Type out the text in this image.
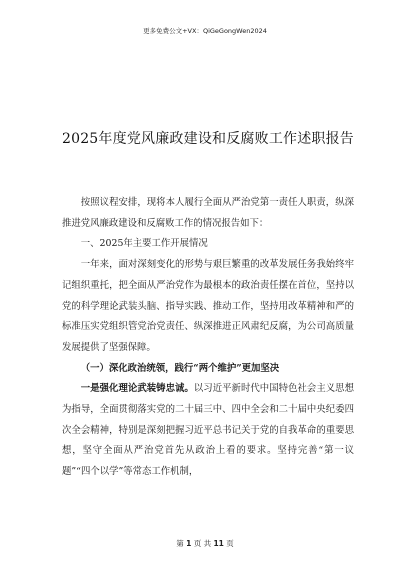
更多免费公文+VX：QiGeGongWen2024
2025年度党风廉政建设和反腐败工作述职报告

按照议程安排，现将本人履行全面从严治党第一责任人职责，纵深推进党风廉政建设和反腐败工作的情况报告如下：

一、2025年主要工作开展情况

一年来，面对深刻变化的形势与艰巨繁重的改革发展任务我始终牢记组织重托，把全面从严治党作为最根本的政治责任摆在首位，坚持以党的科学理论武装头脑、指导实践、推动工作，坚持用改革精神和严的标准压实党组织管党治党责任、纵深推进正风肃纪反腐，为公司高质量发展提供了坚强保障。

（一）深化政治统领，践行“两个维护”更加坚决

一是强化理论武装铸忠诚。以习近平新时代中国特色社会主义思想为指导，全面贯彻落实党的二十届三中、四中全会和二十届中央纪委四次全会精神，特别是深刻把握习近平总书记关于党的自我革命的重要思想，坚守全面从严治党首先从政治上看的要求。坚持完善“第一议题”“四个以学”等常态工作机制，

第 1 页 共 11 页
